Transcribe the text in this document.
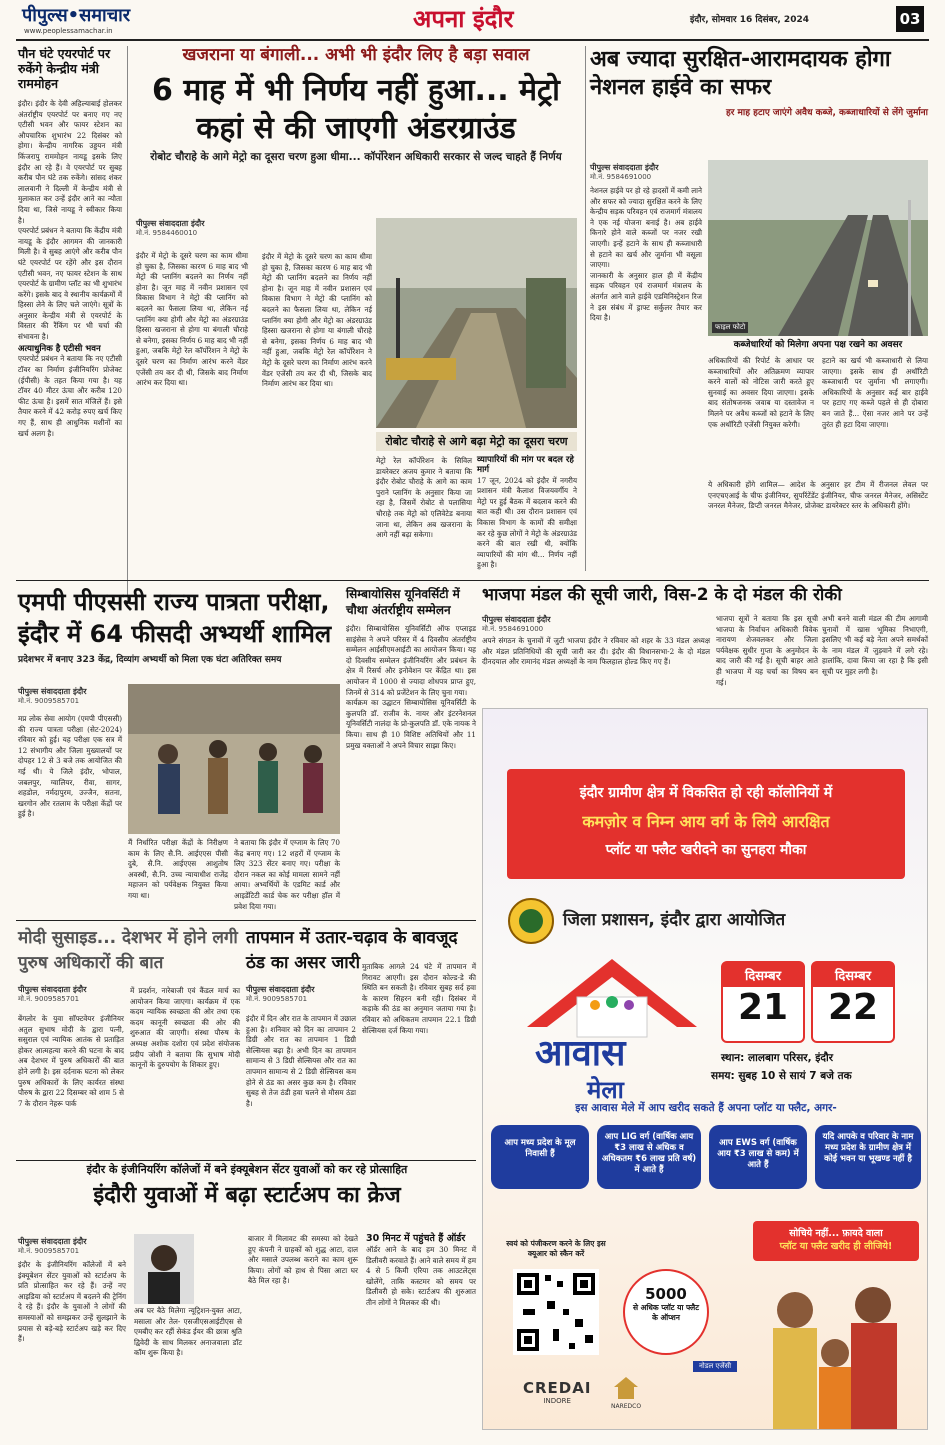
पीपुल्स•समाचार
www.peoplessamachar.in	अपना इंदौर	इंदौर, सोमवार 16 दिसंबर, 2024	03
पौन घंटे एयरपोर्ट पर रुकेंगे केन्द्रीय मंत्री राममोहन
इंदौर। इंदौर के देवी अहिल्याबाई होलकर अंतर्राष्ट्रीय एयरपोर्ट पर बनाए गए नए एटीसी भवन और फायर स्टेशन का औपचारिक शुभारंभ 22 दिसंबर को होगा। केन्द्रीय नागरिक उड्डयन मंत्री किंजरापु राममोहन नायडू इसके लिए इंदौर आ रहे हैं। वे एयरपोर्ट पर सुबह करीब पौन घंटे तक रुकेंगे। सांसद शंकर लालवानी ने दिल्ली में केन्द्रीय मंत्री से मुलाकात कर उन्हें इंदौर आने का न्यौता दिया था, जिसे नायडू ने स्वीकार किया है।
एयरपोर्ट प्रबंधन ने बताया कि केंद्रीय मंत्री नायडू के इंदौर आगमन की जानकारी मिली है। वे सुबह आएंगे और करीब पौन घंटे एयरपोर्ट पर रहेंगे और इस दौरान एटीसी भवन, नए फायर स्टेशन के साथ एयरपोर्ट के ग्रामीण प्लॉट का भी शुभारंभ करेंगे। इसके बाद वे स्थानीय कार्यक्रमों में हिस्सा लेने के लिए चले जाएंगे। सूत्रों के अनुसार केन्द्रीय मंत्री से एयरपोर्ट के विस्तार की रैंकिंग पर भी चर्चा की संभावना है।
अत्याधुनिक है एटीसी भवन
एयरपोर्ट प्रबंधन ने बताया कि नए एटीसी टॉवर का निर्माण इंजीनियरिंग प्रोजेक्ट (ईपीसी) के तहत किया गया है। यह टॉवर 40 मीटर ऊंचा और करीब 120 फीट ऊंचा है। इसमें सात मंजिलें हैं। इसे तैयार करने में 42 करोड़ रुपए खर्च किए गए हैं, साथ ही आधुनिक मशीनों का खर्च अलग है।
खजराना या बंगाली... अभी भी इंदौर लिए है बड़ा सवाल
6 माह में भी निर्णय नहीं हुआ... मेट्रो कहां से की जाएगी अंडरग्राउंड
रोबोट चौराहे के आगे मेट्रो का दूसरा चरण हुआ धीमा... कॉर्पोरेशन अधिकारी सरकार से जल्द चाहते हैं निर्णय
पीपुल्स संवाददाता इंदौर
मो.नं. 9584460010
इंदौर में मेट्रो के दूसरे चरण का काम धीमा हो चुका है, जिसका कारण 6 माह बाद भी मेट्रो की प्लानिंग बदलने का निर्णय नहीं होना है। जून माह में नवीन प्रशासन एवं विकास विभाग ने मेट्रो की प्लानिंग को बदलने का फैसला लिया था, लेकिन नई प्लानिंग क्या होगी और मेट्रो का अंडरग्राउंड हिस्सा खजराना से होगा या बंगाली चौराहे से बनेगा, इसका निर्णय 6 माह बाद भी नहीं हुआ, जबकि मेट्रो रेल कॉर्पोरेशन ने मेट्रो के दूसरे चरण का निर्माण आरंभ करने वेंडर एजेंसी तय कर दी थी, जिसके बाद निर्माण आरंभ कर दिया था।
इंदौर में मेट्रो के दूसरे चरण का काम धीमा हो चुका है, जिसका कारण 6 माह बाद भी मेट्रो की प्लानिंग बदलने का निर्णय नहीं होना है। जून माह में नवीन प्रशासन एवं विकास विभाग ने मेट्रो की प्लानिंग को बदलने का फैसला लिया था, लेकिन नई प्लानिंग क्या होगी और मेट्रो का अंडरग्राउंड हिस्सा खजराना से होगा या बंगाली चौराहे से बनेगा, इसका निर्णय 6 माह बाद भी नहीं हुआ, जबकि मेट्रो रेल कॉर्पोरेशन ने मेट्रो के दूसरे चरण का निर्माण आरंभ करने वेंडर एजेंसी तय कर दी थी, जिसके बाद निर्माण आरंभ कर दिया था।
रोबोट चौराहे से आगे बढ़ा मेट्रो का दूसरा चरण
मेट्रो रेल कॉर्पोरेशन के सिविल डायरेक्टर अजय कुमार ने बताया कि इंदौर रोबोट चौराहे के आगे का काम पुराने प्लानिंग के अनुसार किया जा रहा है, जिसमें रोबोट से पलासिया चौराहे तक मेट्रो को एलिवेटेड बनाया जाना था, लेकिन अब खजराना के आगे नहीं बढ़ा सकेगा।
व्यापारियों की मांग पर बदल रहे मार्ग
17 जून, 2024 को इंदौर में नगरीय प्रशासन मंत्री कैलाश विजयवर्गीय ने मेट्रो पर हुई बैठक में बदलाव करने की बात कही थी। उस दौरान प्रशासन एवं विकास विभाग के कामों की समीक्षा कर रहे कुछ लोगों ने मेट्रो के अंडरग्राउंड करने की बात रखी थी, क्योंकि व्यापारियों की मांग थी... निर्णय नहीं हुआ है।
अब ज्यादा सुरक्षित-आरामदायक होगा नेशनल हाईवे का सफर
हर माह हटाए जाएंगे अवैध कब्जे, कब्जाधारियों से लेंगे जुर्माना
पीपुल्स संवाददाता इंदौर
मो.नं. 9584691000
नेशनल हाईवे पर हो रहे हादसों में कमी लाने और सफर को ज्यादा सुरक्षित करने के लिए केन्द्रीय सड़क परिवहन एवं राजमार्ग मंत्रालय ने एक नई योजना बनाई है। अब हाईवे किनारे होने वाले कब्जों पर नजर रखी जाएगी। इन्हें हटाने के साथ ही कब्जाधारी से हटाने का खर्च और जुर्माना भी वसूला जाएगा।
जानकारी के अनुसार हाल ही में केंद्रीय सड़क परिवहन एवं राजमार्ग मंत्रालय के अंतर्गत आने वाले हाईवे एडमिनिस्ट्रेशन रिज ने इस संबंध में ड्राफ्ट सर्कुलर तैयार कर दिया है।
फाइल फोटो
कब्जेधारियों को मिलेगा अपना पक्ष रखने का अवसर
अधिकारियों की रिपोर्ट के आधार पर कब्जाधारियों और अतिक्रमण व्यापार करने वालों को नोटिस जारी करते हुए सुनवाई का अवसर दिया जाएगा। इसके बाद संतोषजनक जवाब या दस्तावेज न मिलने पर अवैध कब्जों को हटाने के लिए एक अथॉरिटी एजेंसी नियुक्त करेगी।
हटाने का खर्च भी कब्जाधारी से लिया जाएगा। इसके साथ ही अथॉरिटी कब्जाधारी पर जुर्माना भी लगाएगी। अधिकारियों के अनुसार कई बार हाईवे पर हटाए गए कब्जे पहले से ही दोबारा बन जाते हैं... ऐसा नजर आने पर उन्हें तुरंत ही हटा दिया जाएगा।
ये अधिकारी होंगे शामिल— आदेश के अनुसार हर टीम में रीजनल लेवल पर एनएचएआई के चीफ इंजीनियर, सुपरिंटेंडेंट इंजीनियर, चीफ जनरल मैनेजर, असिस्टेंट जनरल मैनेजर, डिप्टी जनरल मैनेजर, प्रोजेक्ट डायरेक्टर स्तर के अधिकारी होंगे।
एमपी पीएससी राज्य पात्रता परीक्षा, इंदौर में 64 फीसदी अभ्यर्थी शामिल
प्रदेशभर में बनाए 323 केंद्र, दिव्यांग अभ्यर्थी को मिला एक घंटा अतिरिक्त समय
पीपुल्स संवाददाता इंदौर
मो.नं. 9009585701
मप्र लोक सेवा आयोग (एमपी पीएससी) की राज्य पात्रता परीक्षा (सेट-2024) रविवार को हुई। यह परीक्षा एक सत्र में 12 संभागीय और जिला मुख्यालयों पर दोपहर 12 से 3 बजे तक आयोजित की गई थी। ये जिले इंदौर, भोपाल, जबलपुर, ग्वालियर, रीवा, सागर, शहडोल, नर्मदापुरम, उज्जैन, सतना, खरगोन और रतलाम के परीक्षा केंद्रों पर हुई है।
मैं निर्धारित परीक्षा केंद्रों के निरीक्षण काम के लिए सै.नि. आईएएस पीसी दुबे, सै.नि. आईएएस आशुतोष अवस्थी, सै.नि. उच्च न्यायाधीश राजेंद्र महाजन को पर्यवेक्षक नियुक्त किया गया था।
ने बताया कि इंदौर में एग्जाम के लिए 70 केंद्र बनाए गए। 12 शहरों में एग्जाम के लिए 323 सेंटर बनाए गए। परीक्षा के दौरान नकल का कोई मामला सामने नहीं आया। अभ्यर्थियों के एडमिट कार्ड और आइडेंटिटी कार्ड चेक कर परीक्षा हॉल में प्रवेश दिया गया।
सिम्बायोसिस यूनिवर्सिटी में चौथा अंतर्राष्ट्रीय सम्मेलन
इंदौर। सिम्बायोसिस यूनिवर्सिटी ऑफ एप्लाइड साइंसेस ने अपने परिसर में 4 दिवसीय अंतर्राष्ट्रीय सम्मेलन आईसीएमआईटी का आयोजन किया। यह दो दिवसीय सम्मेलन इंजीनियरिंग और प्रबंधन के क्षेत्र में रिसर्च और इनोवेशन पर केंद्रित था। इस आयोजन में 1000 से ज्यादा शोधपत्र प्राप्त हुए, जिनमें से 314 को प्रजेंटेशन के लिए चुना गया।
कार्यक्रम का उद्घाटन सिम्बायोसिस यूनिवर्सिटी के कुलपति डॉ. राजीव के. नायर और इंटरनेशनल यूनिवर्सिटी नालंदा के प्रो-कुलपति डॉ. एके नायक ने किया। साथ ही 10 विशिष्ट अतिथियों और 11 प्रमुख वक्ताओं ने अपने विचार साझा किए।
भाजपा मंडल की सूची जारी, विस-2 के दो मंडल की रोकी
पीपुल्स संवाददाता इंदौर
मो.नं. 9584691000
अपने संगठन के चुनावों में जुटी भाजपा इंदौर ने रविवार को शहर के 33 मंडल अध्यक्ष और मंडल प्रतिनिधियों की सूची जारी कर दी। इंदौर की विधानसभा-2 के दो मंडल दीनदयाल और रामानंद मंडल अध्यक्षों के नाम फिलहाल होल्ड किए गए हैं।
भाजपा सूत्रों ने बताया कि इस सूची भाजपा के निर्वाचन अधिकारी विवेक नारायण शेजवलकर और जिला पर्यवेक्षक सुधीर गुप्ता के अनुमोदन के बाद जारी की गई है। सूची बाहर आते ही भाजपा में यह चर्चा का विषय बन गई।
अभी बनने वाली मंडल की टीम आगामी चुनावों में खास भूमिका निभाएगी, इसलिए भी कई बड़े नेता अपने समर्थकों के नाम मंडल में जुड़वाने में लगे रहे। हालांकि, दावा किया जा रहा है कि इसी सूची पर मुहर लगी है।
मोदी सुसाइड... देशभर में होने लगी पुरुष अधिकारों की बात
पीपुल्स संवाददाता इंदौर
मो.नं. 9009585701
बेंगलोर के युवा सॉफ्टवेयर इंजीनियर अतुल सुभाष मोदी के द्वारा पत्नी, ससुराल एवं न्यायिक आतंक से प्रताड़ित होकर आत्महत्या करने की घटना के बाद अब देशभर में पुरुष अधिकारों की बात होने लगी है। इस दर्दनाक घटना को लेकर पुरुष अधिकारों के लिए कार्यरत संस्था पौरुष के द्वारा 22 दिसम्बर को शाम 5 से 7 के दौरान नेहरू पार्क
में प्रदर्शन, नारेबाजी एवं कैंडल मार्च का आयोजन किया जाएगा। कार्यक्रम में एक कदम न्यायिक स्वच्छता की ओर तथा एक कदम कानूनी स्वच्छता की ओर की शुरुआत की जाएगी। संस्था पौरुष के अध्यक्ष अशोक दशोरा एवं प्रदेश संयोजक प्रदीप जोशी ने बताया कि सुभाष मोदी कानूनों के दुरुपयोग के शिकार हुए।
तापमान में उतार-चढ़ाव के बावजूद ठंड का असर जारी
पीपुल्स संवाददाता इंदौर
मो.नं. 9009585701
इंदौर में दिन और रात के तापमान में उछाल हुआ है। शनिवार को दिन का तापमान 2 डिग्री और रात का तापमान 1 डिग्री सेल्सियस बढ़ा है। अभी दिन का तापमान सामान्य से 3 डिग्री सेल्सियस और रात का तापमान सामान्य से 2 डिग्री सेल्सियस कम होने से ठंड का असर कुछ कम है। रविवार सुबह से तेज ठंडी हवा चलने से मौसम ठंडा है।
मुताबिक आगले 24 घंटे में तापमान में गिरावट आएगी। इस दौरान कोल्ड-डे की स्थिति बन सकती है। रविवार सुबह सर्द हवा के कारण सिहरन बनी रही। दिसंबर में कड़ाके की ठंड का अनुमान जताया गया है। रविवार को अधिकतम तापमान 22.1 डिग्री सेल्सियस दर्ज किया गया।
इंदौर के इंजीनियरिंग कॉलेजों में बने इंक्यूबेशन सेंटर युवाओं को कर रहे प्रोत्साहित
इंदौरी युवाओं में बढ़ा स्टार्टअप का क्रेज
पीपुल्स संवाददाता इंदौर
मो.नं. 9009585701
इंदौर के इंजीनियरिंग कॉलेजों में बने इंक्यूबेशन सेंटर युवाओं को स्टार्टअप के प्रति प्रोत्साहित कर रहे हैं। उन्हें नए आइडिया को स्टार्टअप में बदलने की ट्रेनिंग दे रहे हैं। इंदौर के युवाओं ने लोगों की समस्याओं को समझकर उन्हें सुलझाने के प्रयास से बड़े-बड़े स्टार्टअप खड़े कर दिए हैं।
अब घर बैठे मिलेगा न्यूट्रिशन-युक्त आटा, मसाला और तेल- एसजीएसआईटीएस से एमबीए कर रहीं सेकंड ईयर की छात्रा श्रुति द्विवेदी के साथ मिलकर अनाजवाला डॉट कॉम शुरू किया है।
बाजार में मिलावट की समस्या को देखते हुए कंपनी ने ग्राहकों को शुद्ध आटा, दाल और मसाले उपलब्ध कराने का काम शुरू किया। लोगों को हाथ से पिसा आटा घर बैठे मिल रहा है।
30 मिनट में पहुंचते हैं ऑर्डर
ऑर्डर आने के बाद हम 30 मिनट में डिलीवरी करवाते हैं। आने वाले समय में हम 4 से 5 किमी एरिया तक आउटलेट्स खोलेंगे, ताकि कस्टमर को समय पर डिलीवरी हो सके। स्टार्टअप की शुरुआत तीन लोगों ने मिलकर की थी।
इंदौर ग्रामीण क्षेत्र में विकसित हो रही कॉलोनियों में
कमज़ोर व निम्न आय वर्ग के लिये आरक्षित
प्लॉट या फ्लैट खरीदने का सुनहरा मौका
जिला प्रशासन, इंदौर द्वारा आयोजित
आवास
मेला
दिसम्बर
21
दिसम्बर
22
स्थान: लालबाग परिसर, इंदौर
समय: सुबह 10 से सायं 7 बजे तक
इस आवास मेले में आप खरीद सकते हैं अपना प्लॉट या फ्लैट, अगर-
आप मध्य प्रदेश के मूल निवासी हैं
आप LIG वर्ग (वार्षिक आय ₹3 लाख से अधिक व अधिकतम ₹6 लाख प्रति वर्ष) में आते हैं
आप EWS वर्ग (वार्षिक आय ₹3 लाख से कम) में आते हैं
यदि आपके व परिवार के नाम मध्य प्रदेश के ग्रामीण क्षेत्र में कोई भवन या भूखण्ड नहीं है
स्वयं को पंजीकरण करने के लिए इस क्यूआर को स्कैन करें
5000
से अधिक प्लॉट या फ्लैट के ऑप्शन
सोचिये नहीं... फ़ायदे वाला
प्लॉट या फ्लैट खरीद ही लीजिये!
नोडल एजेंसी
CREDAI
INDORE
NAREDCO
